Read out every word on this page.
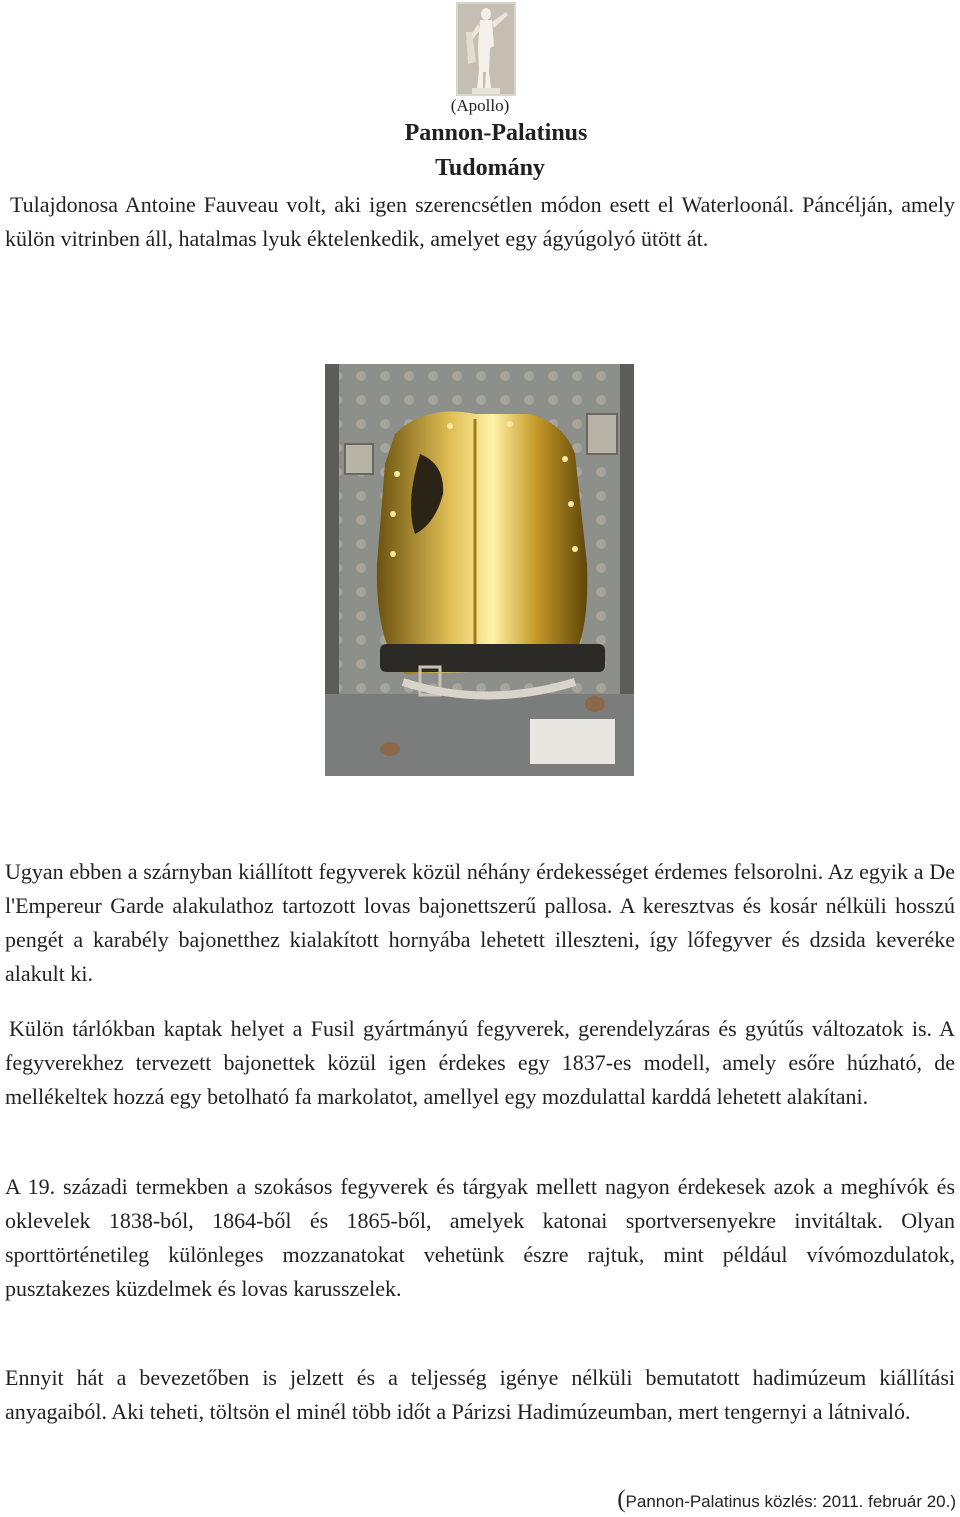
(Apollo)
Pannon-Palatinus
Tudomány
Tulajdonosa Antoine Fauveau volt, aki igen szerencsétlen módon esett el Waterloonál. Páncélján, amely külön vitrinben áll, hatalmas lyuk éktelenkedik, amelyet egy ágyúgolyó ütött át.
Ugyan ebben a szárnyban kiállított fegyverek közül néhány érdekességet érdemes felsorolni. Az egyik a De l'Empereur Garde alakulathoz tartozott lovas bajonettszerű pallosa. A keresztvas és kosár nélküli hosszú pengét a karabély bajonetthez kialakított hornyába lehetett illeszteni, így lőfegyver és dzsida keveréke alakult ki.
Külön tárlókban kaptak helyet a Fusil gyártmányú fegyverek, gerendelyzáras és gyútűs változatok is. A fegyverekhez tervezett bajonettek közül igen érdekes egy 1837-es modell, amely esőre húzható, de mellékeltek hozzá egy betolható fa markolatot, amellyel egy mozdulattal karddá lehetett alakítani.
A 19. századi termekben a szokásos fegyverek és tárgyak mellett nagyon érdekesek azok a meghívók és oklevelek 1838-ból, 1864-ből és 1865-ből, amelyek katonai sportversenyekre invitáltak. Olyan sporttörténetileg különleges mozzanatokat vehetünk észre rajtuk, mint például vívómozdulatok, pusztakezes küzdelmek és lovas karusszelek.
Ennyit hát a bevezetőben is jelzett és a teljesség igénye nélküli bemutatott hadimúzeum kiállítási anyagaiból. Aki teheti, töltsön el minél több időt a Párizsi Hadimúzeumban, mert tengernyi a látnivaló.
(Pannon-Palatinus közlés: 2011. február 20.)
